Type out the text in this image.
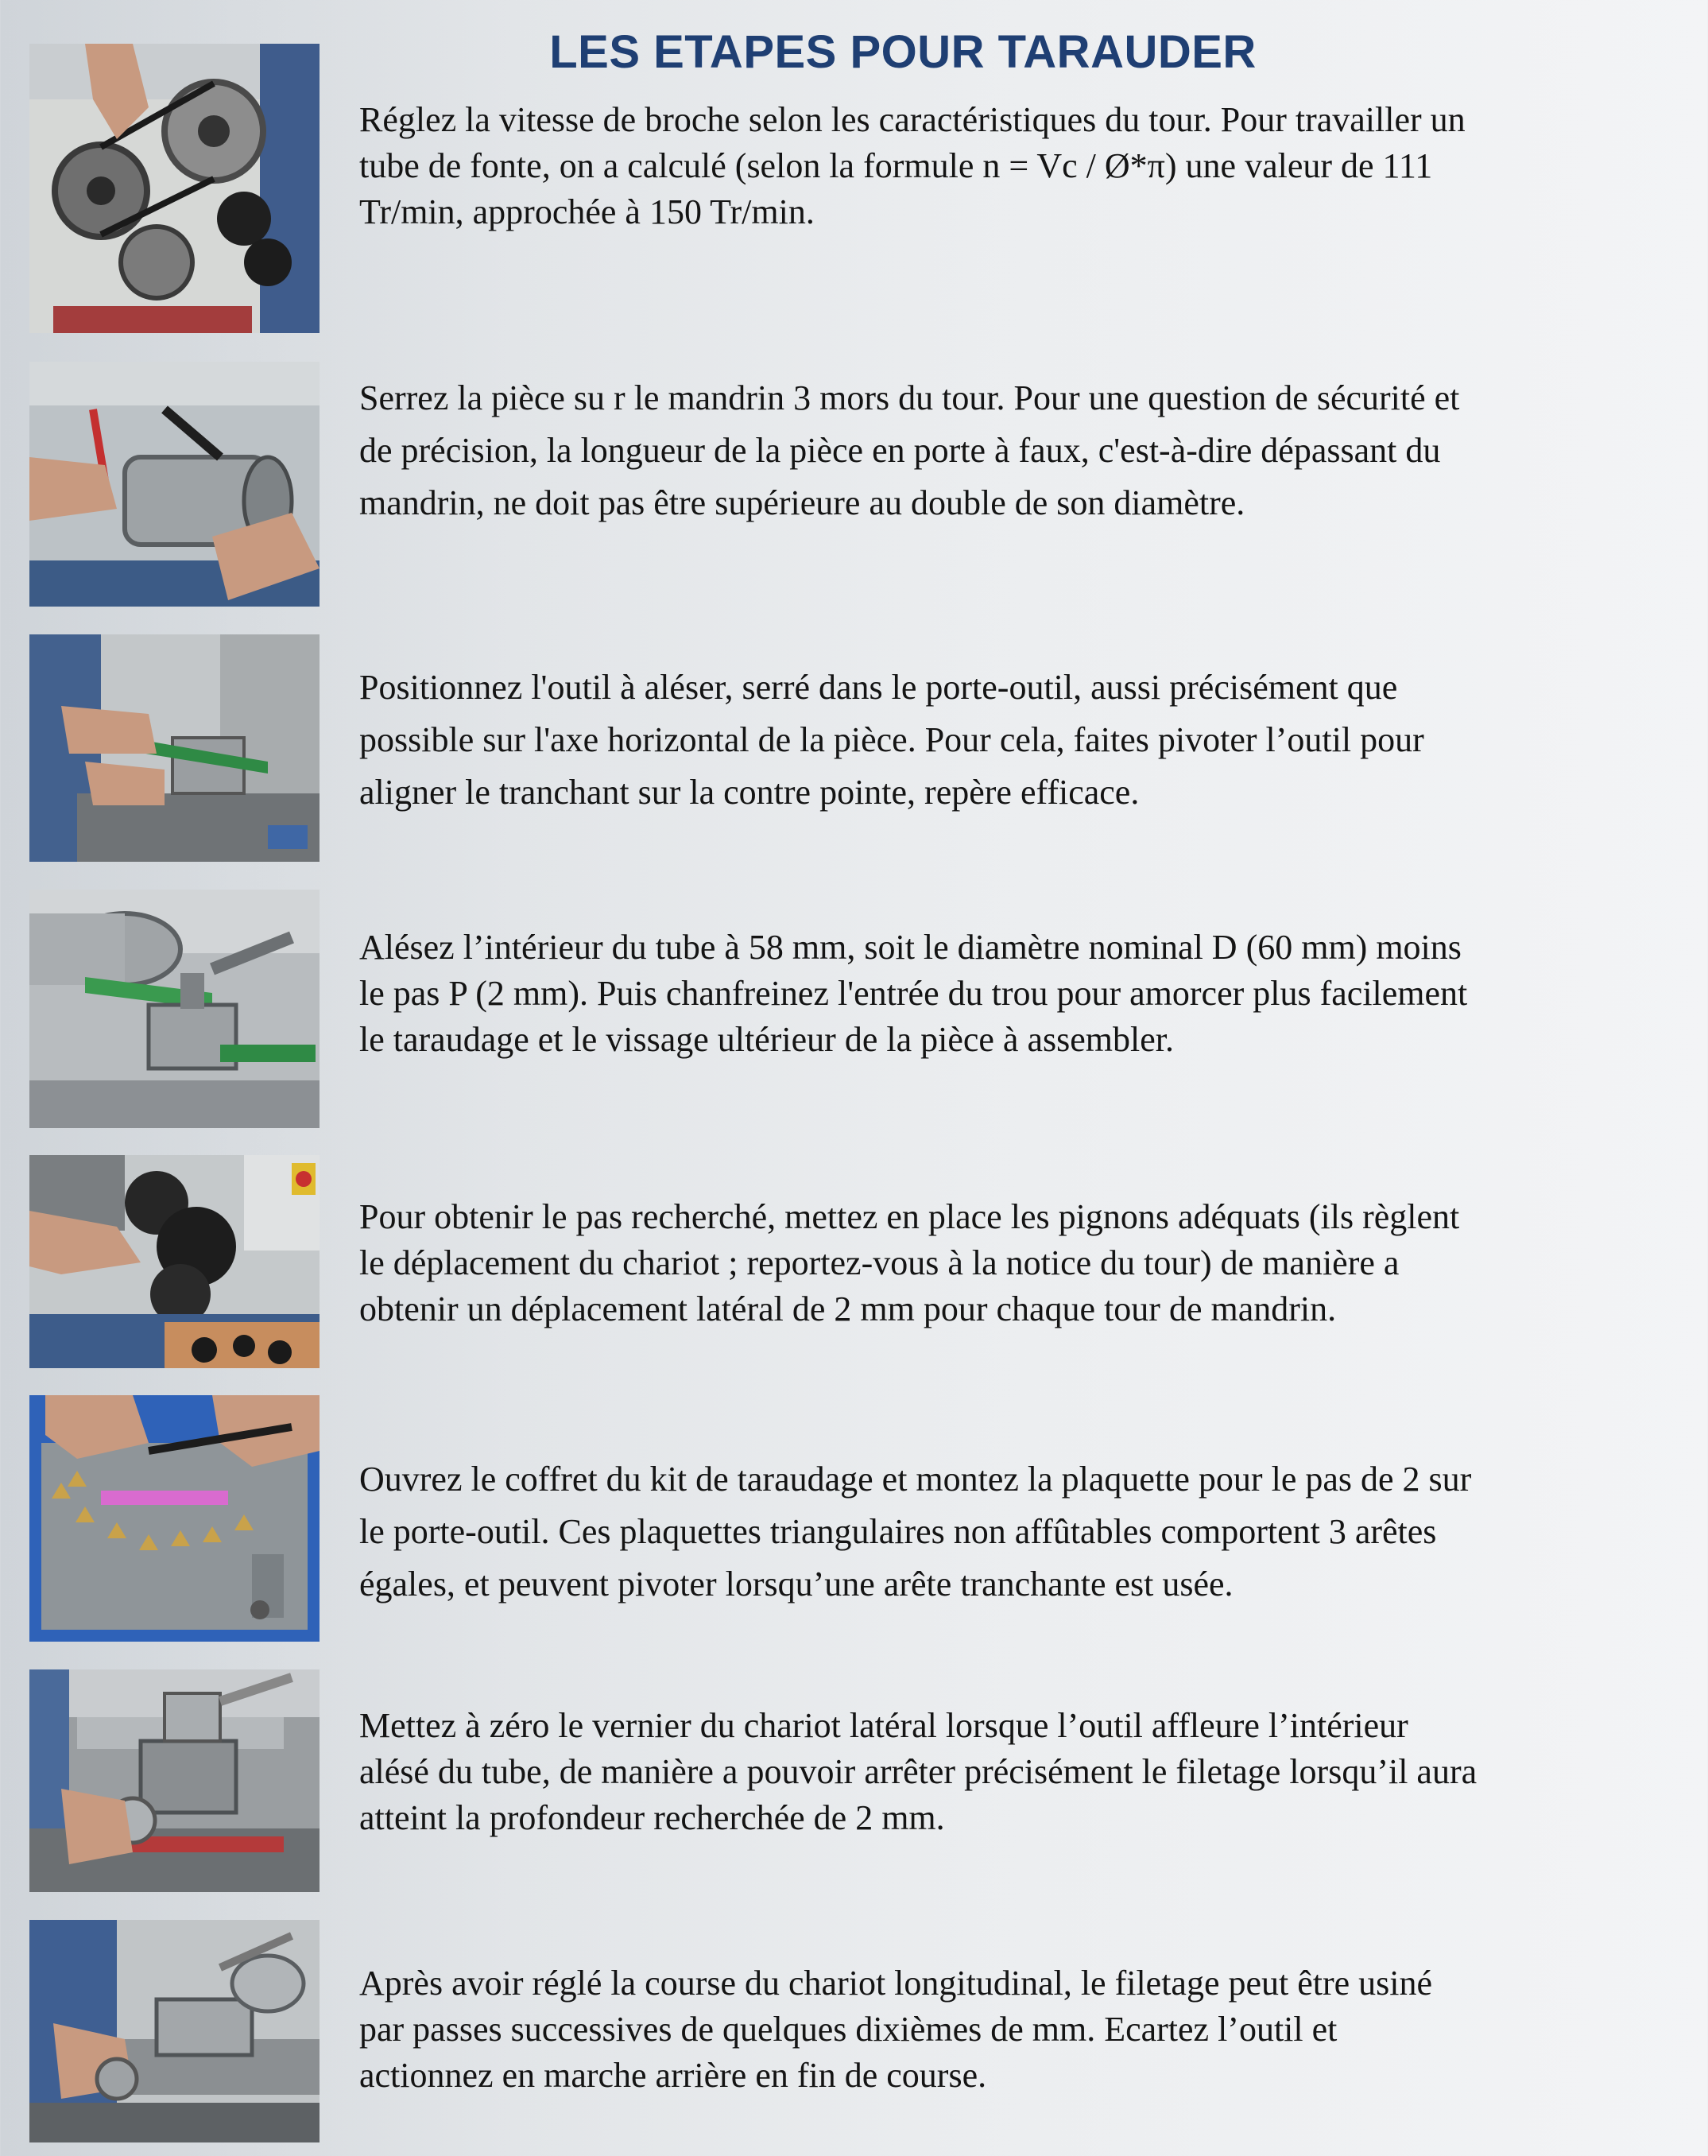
LES ETAPES POUR TARAUDER
Réglez la vitesse de broche selon les caractéristiques du tour. Pour travailler un
tube de fonte, on a calculé (selon la formule n = Vc / Ø*π) une valeur de 111
Tr/min, approchée à 150 Tr/min.
Serrez la pièce su r le mandrin 3 mors du tour. Pour une question de sécurité et
de précision, la longueur de la pièce en porte à faux, c'est-à-dire dépassant du
mandrin, ne doit pas être supérieure au double de son diamètre.
Positionnez l'outil à aléser, serré dans le porte-outil, aussi précisément que
possible sur l'axe horizontal de la pièce. Pour cela, faites pivoter l’outil pour
aligner le tranchant sur la contre pointe, repère efficace.
Alésez l’intérieur du tube à 58 mm, soit le diamètre nominal D (60 mm) moins
le pas P (2 mm). Puis chanfreinez l'entrée du trou pour amorcer plus facilement
le taraudage et le vissage ultérieur de la pièce à assembler.
Pour obtenir le pas recherché, mettez en place les pignons adéquats (ils règlent
le déplacement du chariot ; reportez-vous à la notice du tour) de manière a
obtenir un déplacement latéral de 2 mm pour chaque tour de mandrin.
Ouvrez le coffret du kit de taraudage et montez la plaquette pour le pas de 2 sur
le porte-outil. Ces plaquettes triangulaires non affûtables comportent 3 arêtes
égales, et peuvent pivoter lorsqu’une arête tranchante est usée.
Mettez à zéro le vernier du chariot latéral lorsque l’outil affleure l’intérieur
alésé du tube, de manière a pouvoir arrêter précisément le filetage lorsqu’il aura
atteint la profondeur recherchée de 2 mm.
Après avoir réglé la course du chariot longitudinal, le filetage peut être usiné
par passes successives de quelques dixièmes de mm. Ecartez l’outil et
actionnez en marche arrière en fin de course.
